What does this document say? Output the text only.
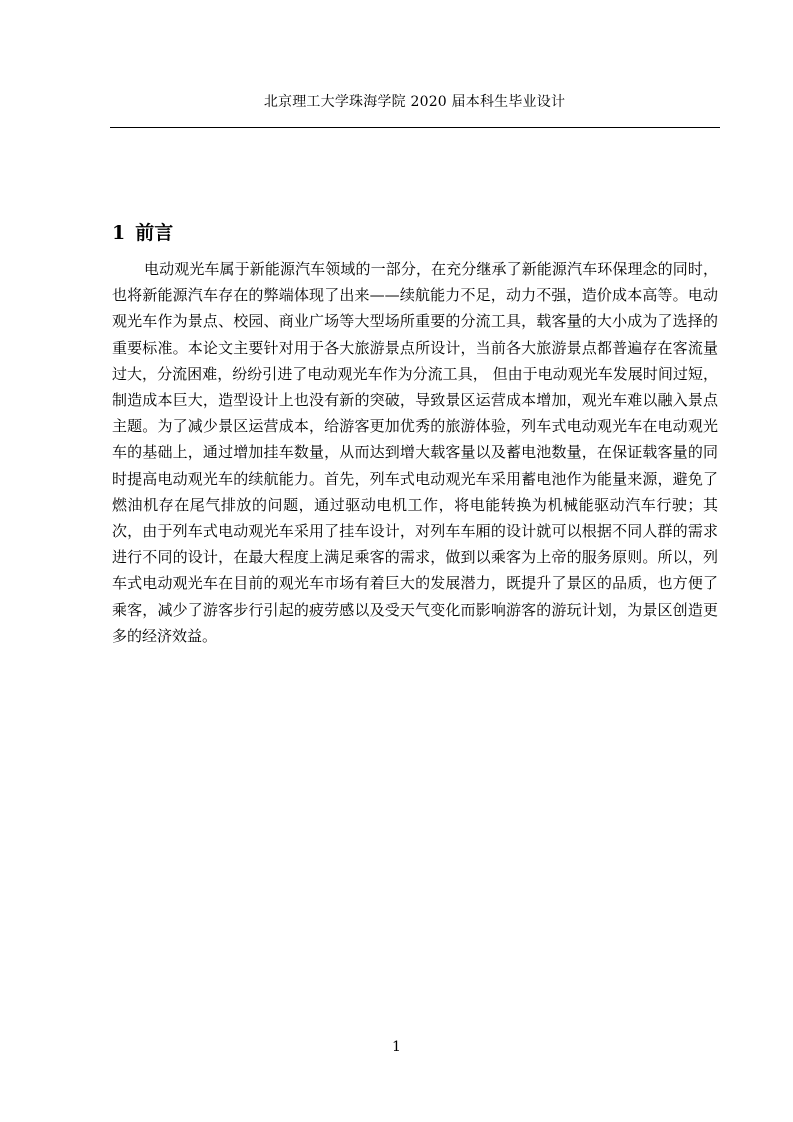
北京理工大学珠海学院 2020 届本科生毕业设计
1 前言

电动观光车属于新能源汽车领域的一部分，在充分继承了新能源汽车环保理念的同时，也将新能源汽车存在的弊端体现了出来——续航能力不足，动力不强，造价成本高等。电动观光车作为景点、校园、商业广场等大型场所重要的分流工具，载客量的大小成为了选择的重要标准。本论文主要针对用于各大旅游景点所设计，当前各大旅游景点都普遍存在客流量过大，分流困难，纷纷引进了电动观光车作为分流工具， 但由于电动观光车发展时间过短，制造成本巨大，造型设计上也没有新的突破，导致景区运营成本增加，观光车难以融入景点主题。为了减少景区运营成本，给游客更加优秀的旅游体验，列车式电动观光车在电动观光车的基础上，通过增加挂车数量，从而达到增大载客量以及蓄电池数量，在保证载客量的同时提高电动观光车的续航能力。首先，列车式电动观光车采用蓄电池作为能量来源，避免了燃油机存在尾气排放的问题，通过驱动电机工作，将电能转换为机械能驱动汽车行驶；其次，由于列车式电动观光车采用了挂车设计，对列车车厢的设计就可以根据不同人群的需求进行不同的设计，在最大程度上满足乘客的需求，做到以乘客为上帝的服务原则。所以，列车式电动观光车在目前的观光车市场有着巨大的发展潜力，既提升了景区的品质，也方便了乘客，减少了游客步行引起的疲劳感以及受天气变化而影响游客的游玩计划，为景区创造更多的经济效益。

1
